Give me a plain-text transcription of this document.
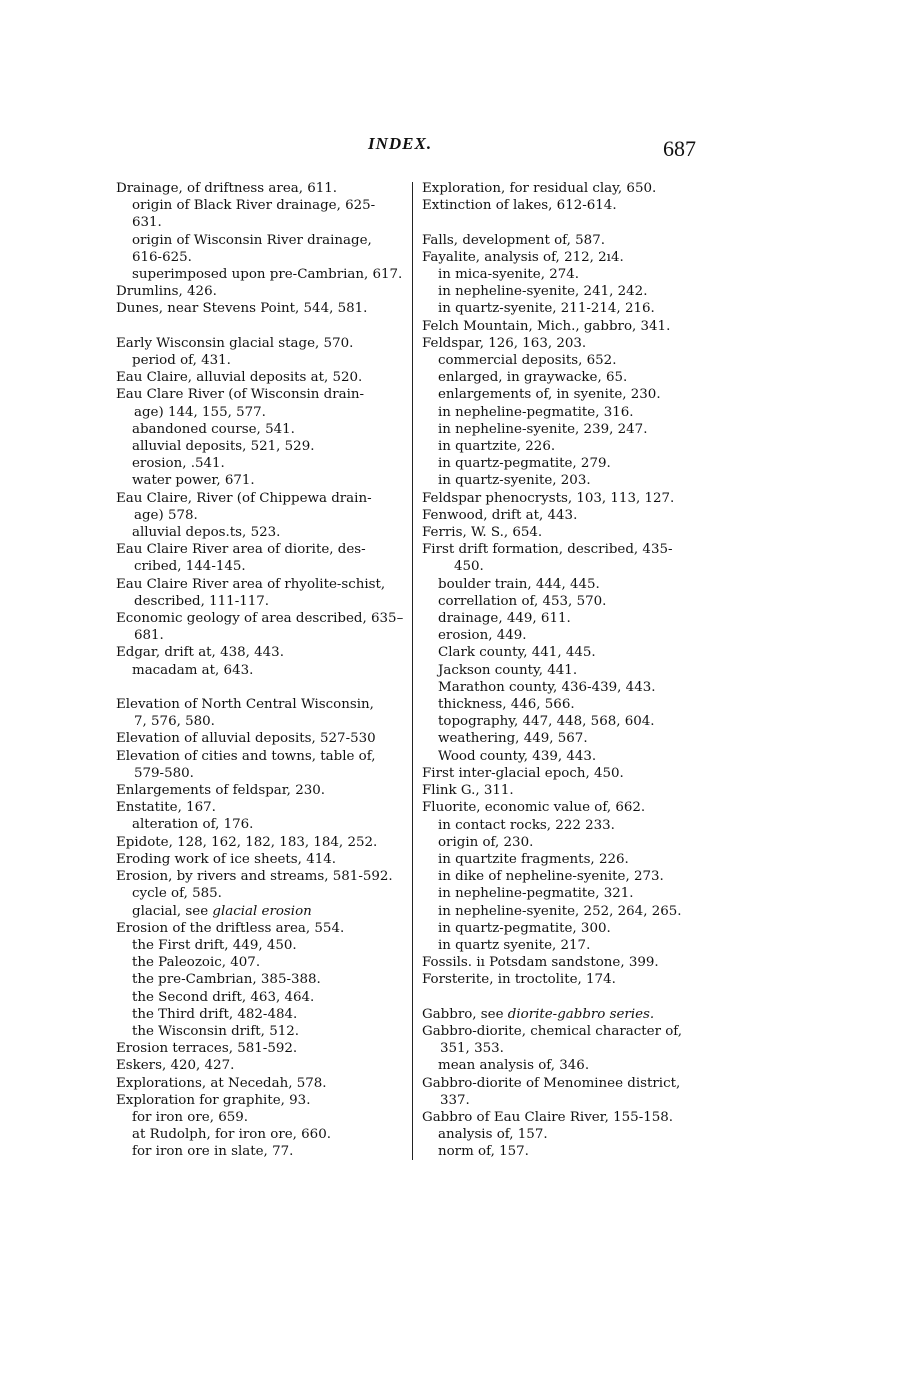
INDEX.	687
Drainage, of driftness area, 611.
origin of Black River drainage, 625-
631.
origin of Wisconsin River drainage,
616-625.
superimposed upon pre-Cambrian, 617.
Drumlins, 426.
Dunes, near Stevens Point, 544, 581.
Early Wisconsin glacial stage, 570.
period of, 431.
Eau Claire, alluvial deposits at, 520.
Eau Clare River (of Wisconsin drain-
age) 144, 155, 577.
abandoned course, 541.
alluvial deposits, 521, 529.
erosion, .541.
water power, 671.
Eau Claire, River (of Chippewa drain-
age) 578.
alluvial depos.ts, 523.
Eau Claire River area of diorite, des-
cribed, 144-145.
Eau Claire River area of rhyolite-schist,
described, 111-117.
Economic geology of area described, 635–
681.
Edgar, drift at, 438, 443.
macadam at, 643.
Elevation of North Central Wisconsin,
7, 576, 580.
Elevation of alluvial deposits, 527-530
Elevation of cities and towns, table of,
579-580.
Enlargements of feldspar, 230.
Enstatite, 167.
alteration of, 176.
Epidote, 128, 162, 182, 183, 184, 252.
Eroding work of ice sheets, 414.
Erosion, by rivers and streams, 581-592.
cycle of, 585.
glacial, see glacial erosion
Erosion of the driftless area, 554.
the First drift, 449, 450.
the Paleozoic, 407.
the pre-Cambrian, 385-388.
the Second drift, 463, 464.
the Third drift, 482-484.
the Wisconsin drift, 512.
Erosion terraces, 581-592.
Eskers, 420, 427.
Explorations, at Necedah, 578.
Exploration for graphite, 93.
for iron ore, 659.
at Rudolph, for iron ore, 660.
for iron ore in slate, 77.
Exploration, for residual clay, 650.
Extinction of lakes, 612-614.
Falls, development of, 587.
Fayalite, analysis of, 212, 2ı4.
in mica-syenite, 274.
in nepheline-syenite, 241, 242.
in quartz-syenite, 211-214, 216.
Felch Mountain, Mich., gabbro, 341.
Feldspar, 126, 163, 203.
commercial deposits, 652.
enlarged, in graywacke, 65.
enlargements of, in syenite, 230.
in nepheline-pegmatite, 316.
in nepheline-syenite, 239, 247.
in quartzite, 226.
in quartz-pegmatite, 279.
in quartz-syenite, 203.
Feldspar phenocrysts, 103, 113, 127.
Fenwood, drift at, 443.
Ferris, W. S., 654.
First drift formation, described, 435-
450.
boulder train, 444, 445.
correllation of, 453, 570.
drainage, 449, 611.
erosion, 449.
Clark county, 441, 445.
Jackson county, 441.
Marathon county, 436-439, 443.
thickness, 446, 566.
topography, 447, 448, 568, 604.
weathering, 449, 567.
Wood county, 439, 443.
First inter-glacial epoch, 450.
Flink G., 311.
Fluorite, economic value of, 662.
in contact rocks, 222 233.
origin of, 230.
in quartzite fragments, 226.
in dike of nepheline-syenite, 273.
in nepheline-pegmatite, 321.
in nepheline-syenite, 252, 264, 265.
in quartz-pegmatite, 300.
in quartz syenite, 217.
Fossils. iı Potsdam sandstone, 399.
Forsterite, in troctolite, 174.
Gabbro, see diorite-gabbro series.
Gabbro-diorite, chemical character of,
351, 353.
mean analysis of, 346.
Gabbro-diorite of Menominee district,
337.
Gabbro of Eau Claire River, 155-158.
analysis of, 157.
norm of, 157.
